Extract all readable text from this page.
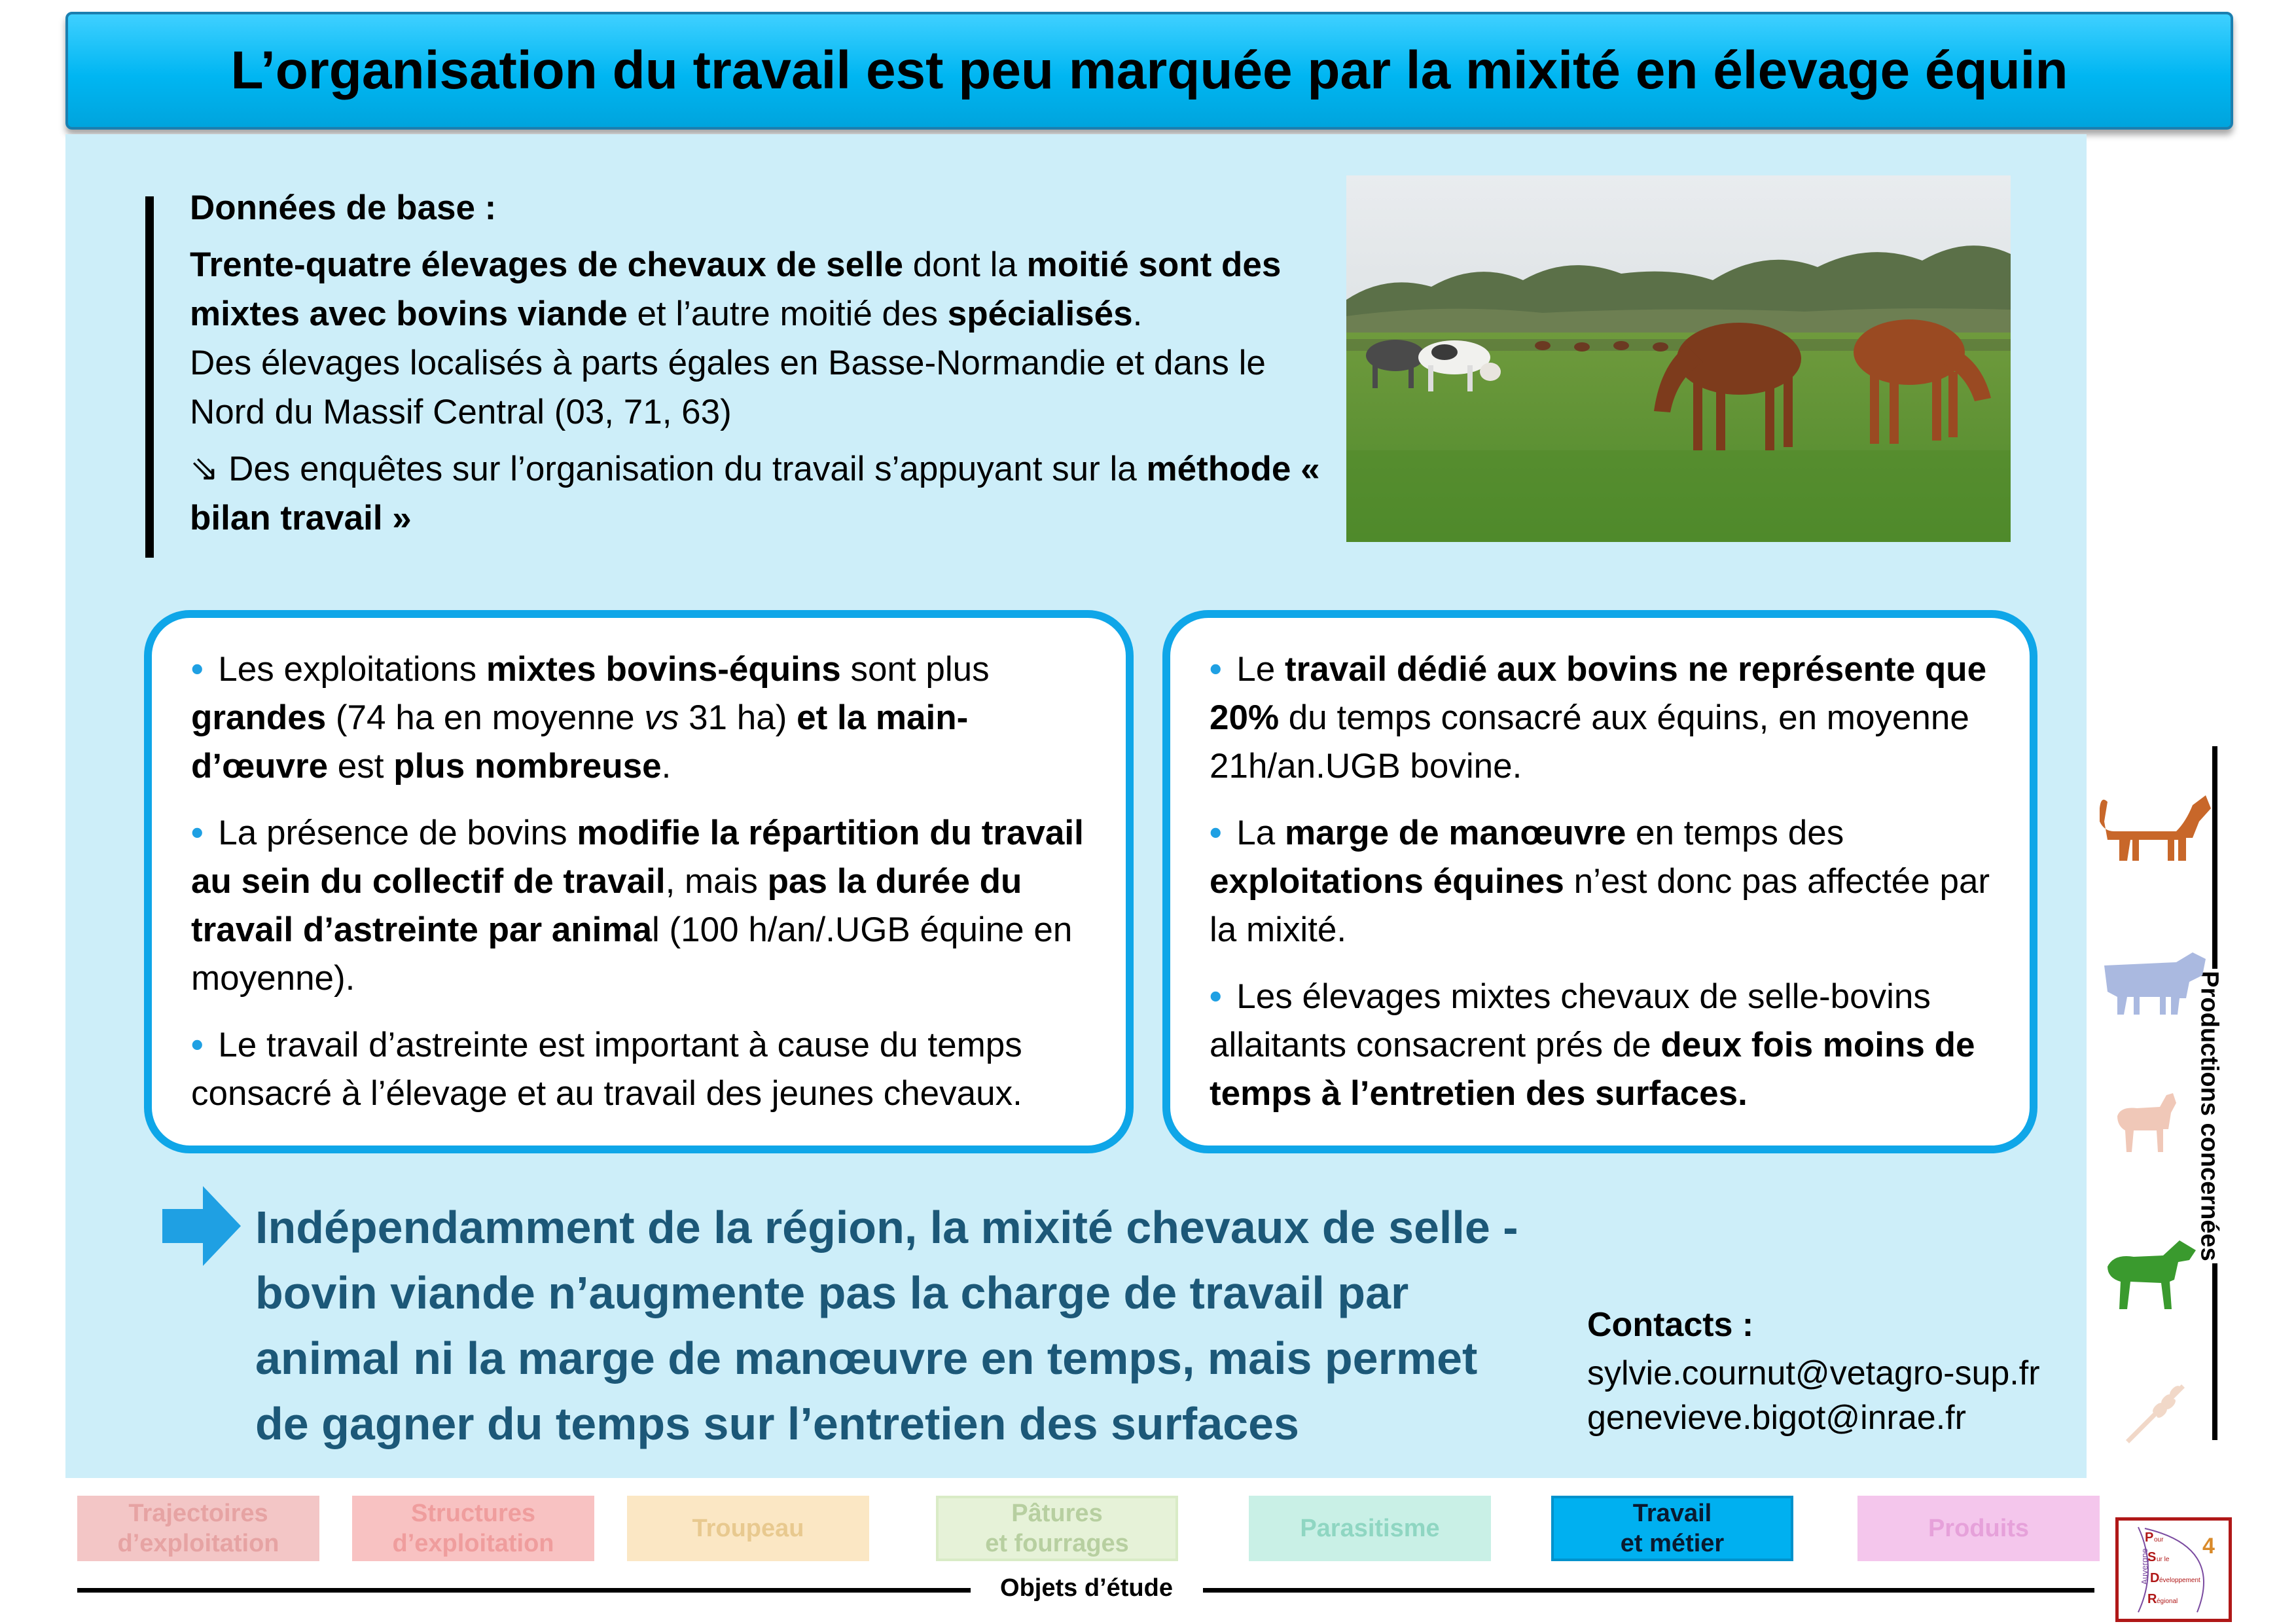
L’organisation du travail est peu marquée par la mixité en élevage équin

Données de base :

Trente-quatre élevages de chevaux de selle dont la moitié sont des mixtes avec bovins viande et l’autre moitié des spécialisés.
Des élevages localisés à parts égales en Basse-Normandie et dans le Nord du Massif Central (03, 71, 63)

⇘ Des enquêtes sur l’organisation du travail s’appuyant sur la méthode « bilan travail »

• Les exploitations mixtes bovins-équins sont plus grandes (74 ha en moyenne vs 31 ha) et la main-d’œuvre est plus nombreuse.

• La présence de bovins modifie la répartition du travail au sein du collectif de travail, mais pas la durée du travail d’astreinte par animal (100 h/an/.UGB équine en moyenne).

• Le travail d’astreinte est important à cause du temps consacré à l’élevage et au travail des jeunes chevaux.

• Le travail dédié aux bovins ne représente que 20% du temps consacré aux équins, en moyenne 21h/an.UGB bovine.

• La marge de manœuvre en temps des exploitations équines n’est donc pas affectée par la mixité.

• Les élevages mixtes chevaux de selle-bovins allaitants consacrent prés de deux fois moins de temps à l’entretien des surfaces.

Indépendamment de la région, la mixité chevaux de selle - bovin viande n’augmente pas la charge de travail par animal ni la marge de manœuvre en temps, mais permet de gagner du temps sur l’entretien des surfaces
Contacts :
sylvie.cournut@vetagro-sup.fr
genevieve.bigot@inrae.fr
Productions concernées
Trajectoires
d’exploitation
Structures
d’exploitation
Troupeau
Pâtures
et fourrages
Parasitisme
Travail
et métier
Produits
Objets d’étude
Auvergne
P our
S ur le
D éveloppement
R égional
4
